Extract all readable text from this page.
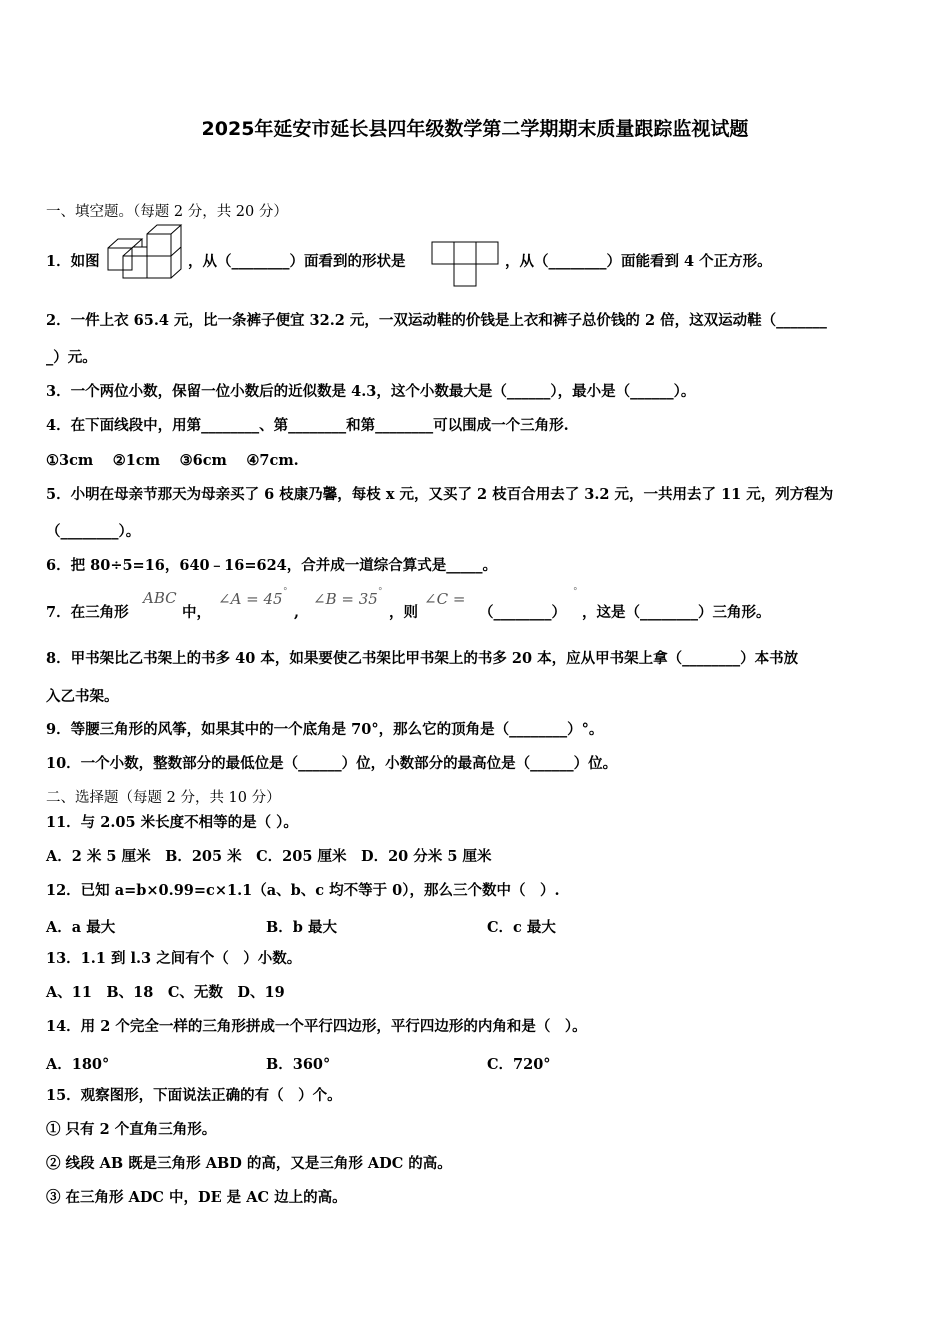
2025年延安市延长县四年级数学第二学期期末质量跟踪监视试题
一、填空题。（每题 2 分，共 20 分）
1．如图	，从（________）面看到的形状是	，从（________）面能看到 4 个正方形。
2．一件上衣 65.4 元，比一条裤子便宜 32.2 元，一双运动鞋的价钱是上衣和裤子总价钱的 2 倍，这双运动鞋（_______
_）元。
3．一个两位小数，保留一位小数后的近似数是 4.3，这个小数最大是（______），最小是（______）。
4．在下面线段中，用第________、第________和第________可以围成一个三角形.
①3cm　 ②1cm　 ③6cm　 ④7cm.
5．小明在母亲节那天为母亲买了 6 枝康乃馨，每枝 x 元，又买了 2 枝百合用去了 3.2 元，一共用去了 11 元，列方程为
（________）。
6．把 80÷5=16，640﹣16=624，合并成一道综合算式是_____。
7．在三角形
ABC
中，
∠A = 45 °
,
∠B = 35 °
，则
∠C =
（________）
°
，这是（________）三角形。
8．甲书架比乙书架上的书多 40 本，如果要使乙书架比甲书架上的书多 20 本，应从甲书架上拿（________）本书放
入乙书架。
9．等腰三角形的风筝，如果其中的一个底角是 70°，那么它的顶角是（________）°。
10．一个小数，整数部分的最低位是（______）位，小数部分的最高位是（______）位。
二、选择题（每题 2 分，共 10 分）
11．与 2.05 米长度不相等的是（ ）。
A．2 米 5 厘米　B．205 米　C．205 厘米　D．20 分米 5 厘米
12．已知 a=b×0.99=c×1.1（a、b、c 均不等于 0），那么三个数中（　）.
A．a 最大	B．b 最大	C．c 最大
13．1.1 到 l.3 之间有个（　）小数。
A、11　B、18　C、无数　D、19
14．用 2 个完全一样的三角形拼成一个平行四边形，平行四边形的内角和是（　）。
A．180°	B．360°	C．720°
15．观察图形，下面说法正确的有（　）个。
① 只有 2 个直角三角形。
② 线段 AB 既是三角形 ABD 的高，又是三角形 ADC 的高。
③ 在三角形 ADC 中，DE 是 AC 边上的高。
